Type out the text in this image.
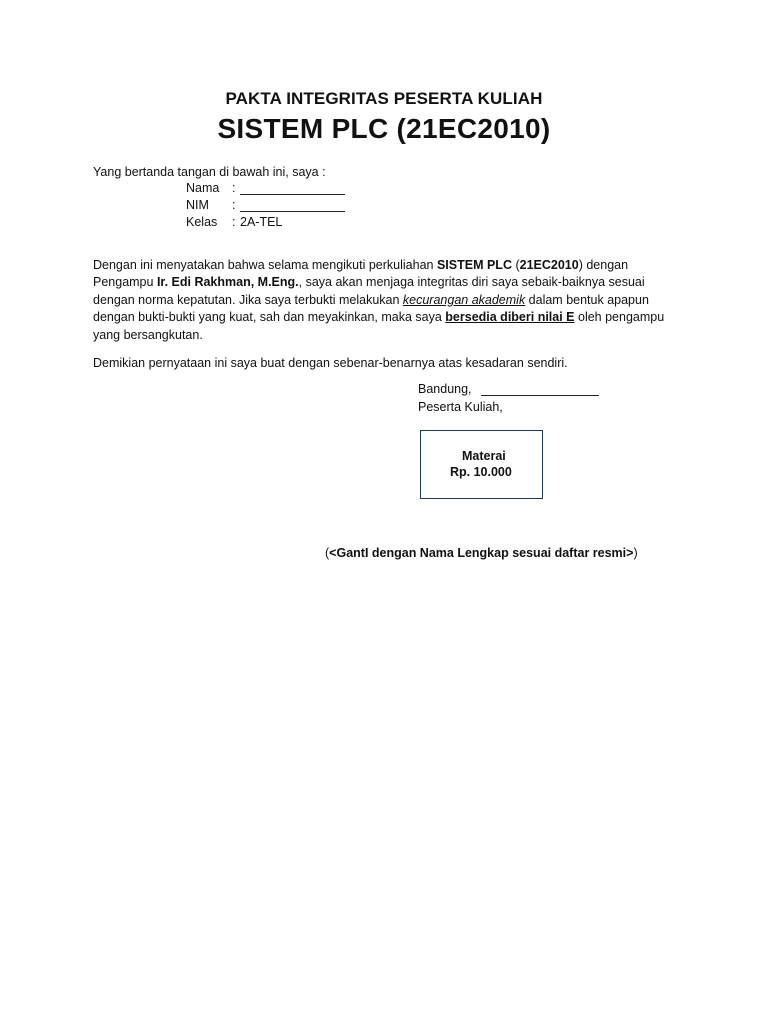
PAKTA INTEGRITAS PESERTA KULIAH
SISTEM PLC (21EC2010)
Yang bertanda tangan di bawah ini, saya :
Nama :
NIM :
Kelas : 2A-TEL
Dengan ini menyatakan bahwa selama mengikuti perkuliahan SISTEM PLC (21EC2010) dengan Pengampu Ir. Edi Rakhman, M.Eng., saya akan menjaga integritas diri saya sebaik-baiknya sesuai dengan norma kepatutan. Jika saya terbukti melakukan kecurangan akademik dalam bentuk apapun dengan bukti-bukti yang kuat, sah dan meyakinkan, maka saya bersedia diberi nilai E oleh pengampu yang bersangkutan.
Demikian pernyataan ini saya buat dengan sebenar-benarnya atas kesadaran sendiri.
Bandung,
Peserta Kuliah,
Materai
Rp. 10.000
(<GantI dengan Nama Lengkap sesuai daftar resmi>)
